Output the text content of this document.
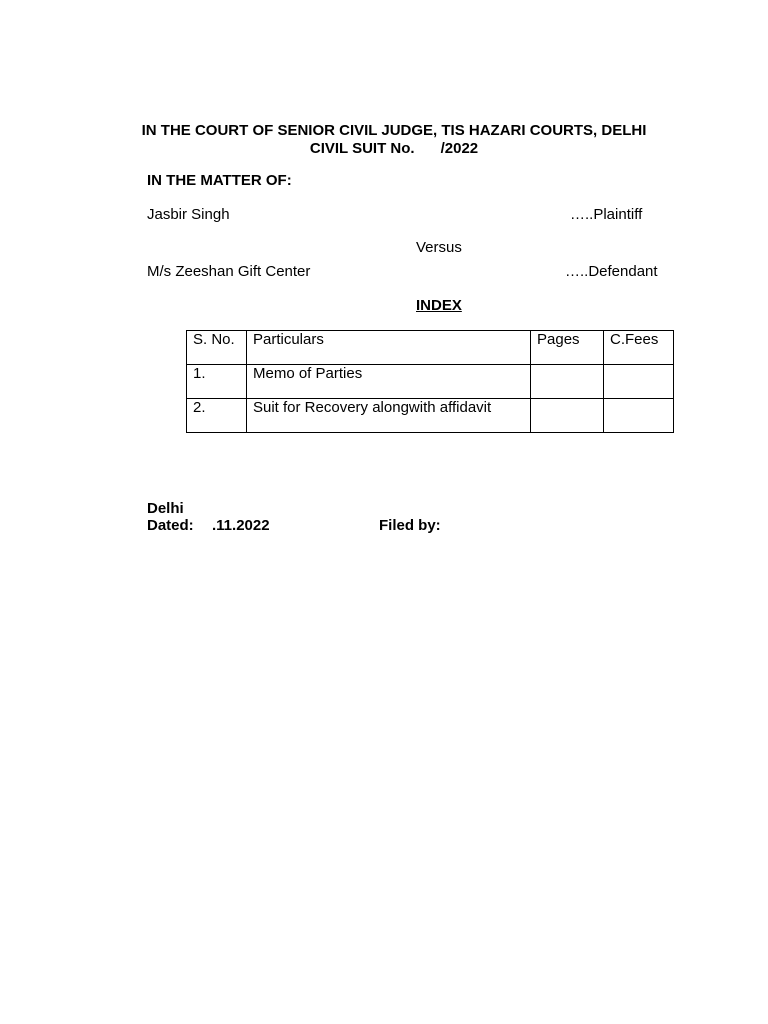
IN THE COURT OF SENIOR CIVIL JUDGE, TIS HAZARI COURTS, DELHI
CIVIL SUIT No. /2022
IN THE MATTER OF:
Jasbir Singh	…..Plaintiff
Versus
M/s Zeeshan Gift Center	…..Defendant
INDEX
S. No.	Particulars	Pages	C.Fees
1.	Memo of Parties		
2.	Suit for Recovery alongwith affidavit		
Delhi
Dated: .11.2022	Filed by:
